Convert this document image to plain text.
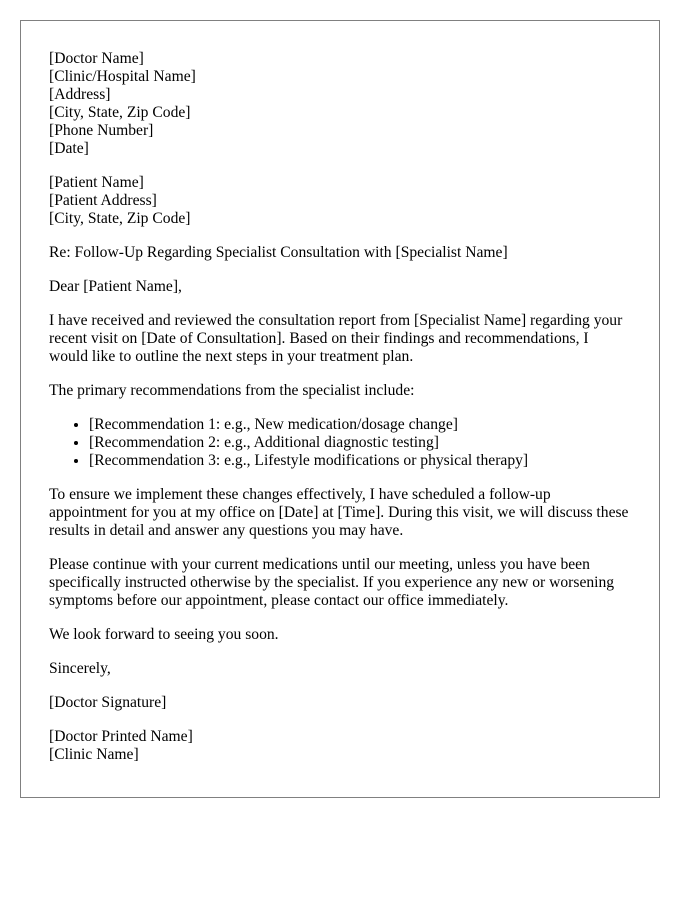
[Doctor Name]
[Clinic/Hospital Name]
[Address]
[City, State, Zip Code]
[Phone Number]
[Date]
[Patient Name]
[Patient Address]
[City, State, Zip Code]

Re: Follow-Up Regarding Specialist Consultation with [Specialist Name]

Dear [Patient Name],

I have received and reviewed the consultation report from [Specialist Name] regarding your recent visit on [Date of Consultation]. Based on their findings and recommendations, I would like to outline the next steps in your treatment plan.

The primary recommendations from the specialist include:

• [Recommendation 1: e.g., New medication/dosage change]
• [Recommendation 2: e.g., Additional diagnostic testing]
• [Recommendation 3: e.g., Lifestyle modifications or physical therapy]

To ensure we implement these changes effectively, I have scheduled a follow-up appointment for you at my office on [Date] at [Time]. During this visit, we will discuss these results in detail and answer any questions you may have.

Please continue with your current medications until our meeting, unless you have been specifically instructed otherwise by the specialist. If you experience any new or worsening symptoms before our appointment, please contact our office immediately.

We look forward to seeing you soon.

Sincerely,

[Doctor Signature]

[Doctor Printed Name]
[Clinic Name]
